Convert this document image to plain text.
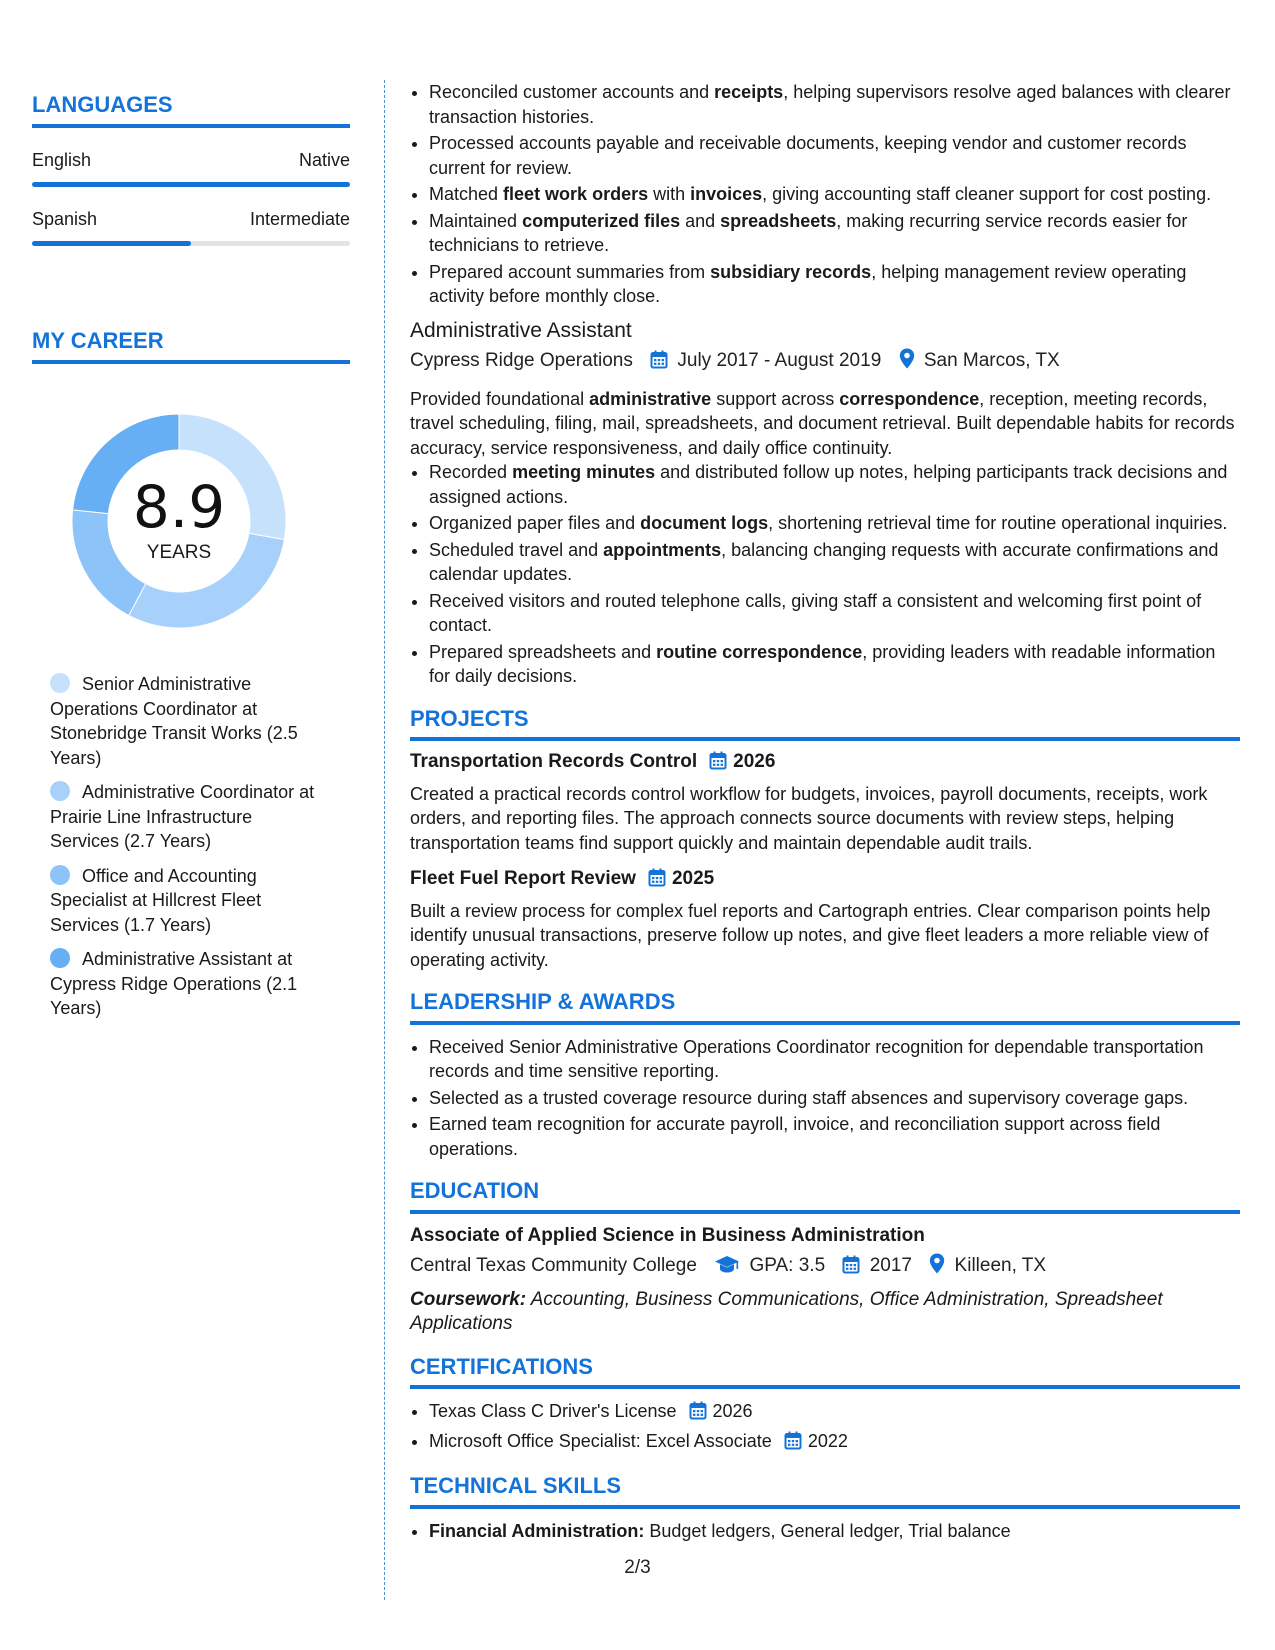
LANGUAGES
English	Native
Spanish	Intermediate
MY CAREER
8.9
YEARS
Senior Administrative Operations Coordinator at Stonebridge Transit Works (2.5 Years)
Administrative Coordinator at Prairie Line Infrastructure Services (2.7 Years)
Office and Accounting Specialist at Hillcrest Fleet Services (1.7 Years)
Administrative Assistant at Cypress Ridge Operations (2.1 Years)
• Reconciled customer accounts and receipts, helping supervisors resolve aged balances with clearer transaction histories.
• Processed accounts payable and receivable documents, keeping vendor and customer records current for review.
• Matched fleet work orders with invoices, giving accounting staff cleaner support for cost posting.
• Maintained computerized files and spreadsheets, making recurring service records easier for technicians to retrieve.
• Prepared account summaries from subsidiary records, helping management review operating activity before monthly close.
Administrative Assistant
Cypress Ridge Operations July 2017 - August 2019 San Marcos, TX
Provided foundational administrative support across correspondence, reception, meeting records, travel scheduling, filing, mail, spreadsheets, and document retrieval. Built dependable habits for records accuracy, service responsiveness, and daily office continuity.
• Recorded meeting minutes and distributed follow up notes, helping participants track decisions and assigned actions.
• Organized paper files and document logs, shortening retrieval time for routine operational inquiries.
• Scheduled travel and appointments, balancing changing requests with accurate confirmations and calendar updates.
• Received visitors and routed telephone calls, giving staff a consistent and welcoming first point of contact.
• Prepared spreadsheets and routine correspondence, providing leaders with readable information for daily decisions.
PROJECTS
Transportation Records Control 2026
Created a practical records control workflow for budgets, invoices, payroll documents, receipts, work orders, and reporting files. The approach connects source documents with review steps, helping transportation teams find support quickly and maintain dependable audit trails.
Fleet Fuel Report Review 2025
Built a review process for complex fuel reports and Cartograph entries. Clear comparison points help identify unusual transactions, preserve follow up notes, and give fleet leaders a more reliable view of operating activity.
LEADERSHIP & AWARDS
• Received Senior Administrative Operations Coordinator recognition for dependable transportation records and time sensitive reporting.
• Selected as a trusted coverage resource during staff absences and supervisory coverage gaps.
• Earned team recognition for accurate payroll, invoice, and reconciliation support across field operations.
EDUCATION
Associate of Applied Science in Business Administration
Central Texas Community College	GPA: 3.5 2017 Killeen, TX
Coursework: Accounting, Business Communications, Office Administration, Spreadsheet Applications
CERTIFICATIONS
• Texas Class C Driver's License 2026
• Microsoft Office Specialist: Excel Associate 2022
TECHNICAL SKILLS
• Financial Administration: Budget ledgers, General ledger, Trial balance
2/3
